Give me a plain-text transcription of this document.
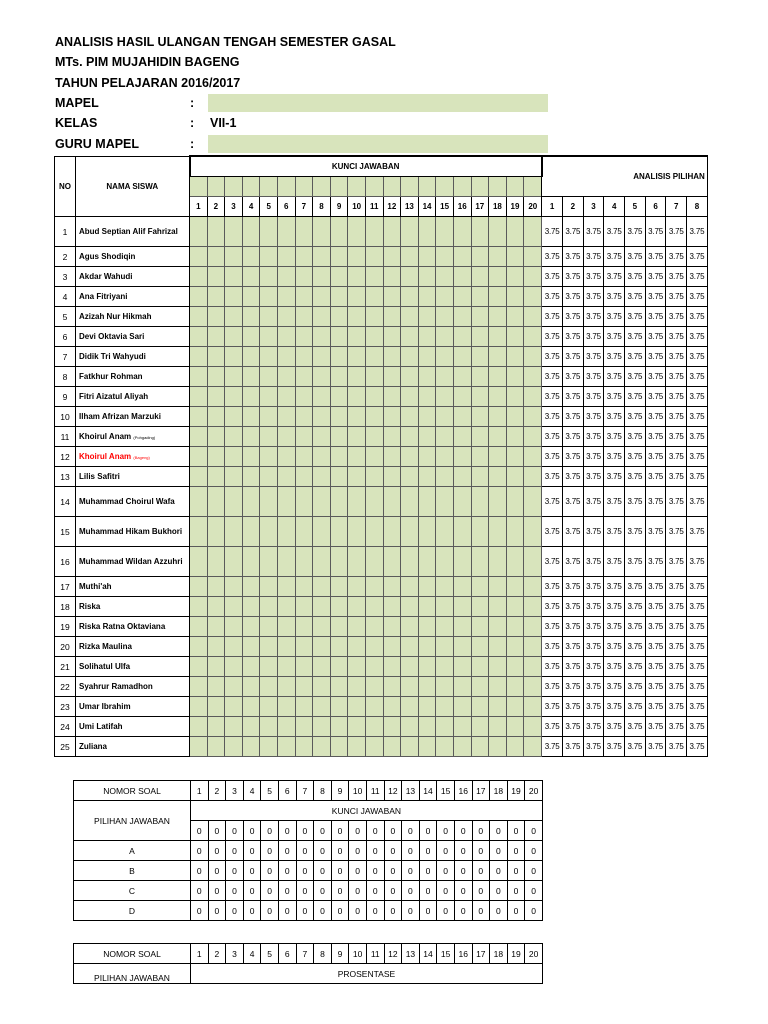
ANALISIS HASIL ULANGAN TENGAH SEMESTER GASAL
MTs. PIM MUJAHIDIN BAGENG
TAHUN PELAJARAN 2016/2017
MAPEL	:
KELAS	: VII-1
GURU MAPEL	:
NO	NAMA SISWA	KUNCI JAWABAN																				ANALISIS PILIHAN							

		1	2	3	4	5	6	7	8	9	10	11	12	13	14	15	16	17	18	19	20	1	2	3	4	5	6	7	8
1	Abud Septian Alif Fahrizal																					3.75	3.75	3.75	3.75	3.75	3.75	3.75	3.75
2	Agus Shodiqin																					3.75	3.75	3.75	3.75	3.75	3.75	3.75	3.75
3	Akdar Wahudi																					3.75	3.75	3.75	3.75	3.75	3.75	3.75	3.75
4	Ana Fitriyani																					3.75	3.75	3.75	3.75	3.75	3.75	3.75	3.75
5	Azizah Nur Hikmah																					3.75	3.75	3.75	3.75	3.75	3.75	3.75	3.75
6	Devi Oktavia Sari																					3.75	3.75	3.75	3.75	3.75	3.75	3.75	3.75
7	Didik Tri Wahyudi																					3.75	3.75	3.75	3.75	3.75	3.75	3.75	3.75
8	Fatkhur Rohman																					3.75	3.75	3.75	3.75	3.75	3.75	3.75	3.75
9	Fitri Aizatul Aliyah																					3.75	3.75	3.75	3.75	3.75	3.75	3.75	3.75
10	Ilham Afrizan Marzuki																					3.75	3.75	3.75	3.75	3.75	3.75	3.75	3.75
11	Khoirul Anam (Pohgading)																					3.75	3.75	3.75	3.75	3.75	3.75	3.75	3.75
12	Khoirul Anam (Bageng)																					3.75	3.75	3.75	3.75	3.75	3.75	3.75	3.75
13	Lilis Safitri																					3.75	3.75	3.75	3.75	3.75	3.75	3.75	3.75
14	Muhammad Choirul Wafa																					3.75	3.75	3.75	3.75	3.75	3.75	3.75	3.75
15	Muhammad Hikam Bukhori																					3.75	3.75	3.75	3.75	3.75	3.75	3.75	3.75
16	Muhammad Wildan Azzuhri																					3.75	3.75	3.75	3.75	3.75	3.75	3.75	3.75
17	Muthi'ah																					3.75	3.75	3.75	3.75	3.75	3.75	3.75	3.75
18	Riska																					3.75	3.75	3.75	3.75	3.75	3.75	3.75	3.75
19	Riska Ratna Oktaviana																					3.75	3.75	3.75	3.75	3.75	3.75	3.75	3.75
20	Rizka Maulina																					3.75	3.75	3.75	3.75	3.75	3.75	3.75	3.75
21	Solihatul Ulfa																					3.75	3.75	3.75	3.75	3.75	3.75	3.75	3.75
22	Syahrur Ramadhon																					3.75	3.75	3.75	3.75	3.75	3.75	3.75	3.75
23	Umar Ibrahim																					3.75	3.75	3.75	3.75	3.75	3.75	3.75	3.75
24	Umi Latifah																					3.75	3.75	3.75	3.75	3.75	3.75	3.75	3.75
25	Zuliana																					3.75	3.75	3.75	3.75	3.75	3.75	3.75	3.75
NOMOR SOAL	1	2	3	4	5	6	7	8	9	10	11	12	13	14	15	16	17	18	19	20
PILIHAN JAWABAN	KUNCI JAWABAN																			
	0	0	0	0	0	0	0	0	0	0	0	0	0	0	0	0	0	0	0	0
A	0	0	0	0	0	0	0	0	0	0	0	0	0	0	0	0	0	0	0	0
B	0	0	0	0	0	0	0	0	0	0	0	0	0	0	0	0	0	0	0	0
C	0	0	0	0	0	0	0	0	0	0	0	0	0	0	0	0	0	0	0	0
D	0	0	0	0	0	0	0	0	0	0	0	0	0	0	0	0	0	0	0	0
NOMOR SOAL	1	2	3	4	5	6	7	8	9	10	11	12	13	14	15	16	17	18	19	20
PILIHAN JAWABAN	PROSENTASE																			
